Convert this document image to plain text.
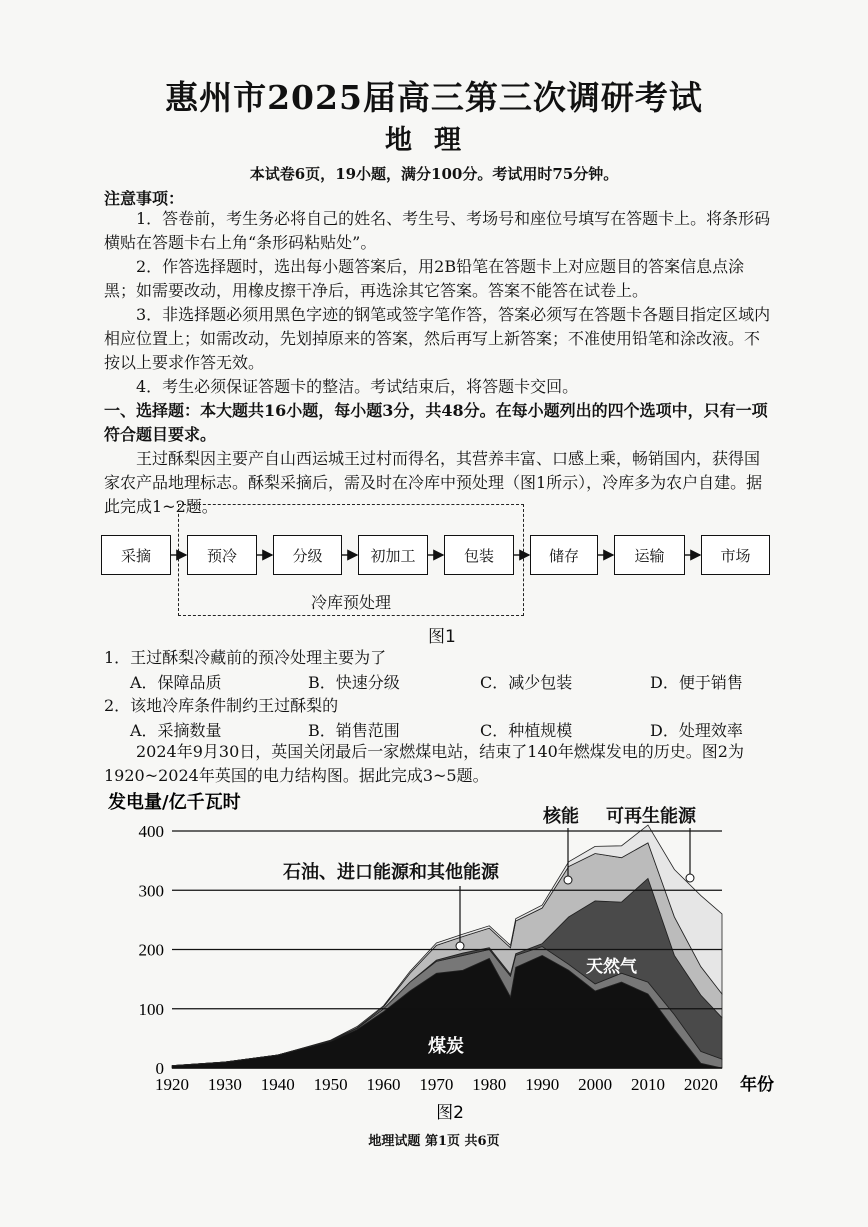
惠州市2025届高三第三次调研考试
地理
本试卷6页，19小题，满分100分。考试用时75分钟。
注意事项：
1．答卷前，考生务必将自己的姓名、考生号、考场号和座位号填写在答题卡上。将条形码横贴在答题卡右上角“条形码粘贴处”。
2．作答选择题时，选出每小题答案后，用2B铅笔在答题卡上对应题目的答案信息点涂黑；如需要改动，用橡皮擦干净后，再选涂其它答案。答案不能答在试卷上。
3．非选择题必须用黑色字迹的钢笔或签字笔作答，答案必须写在答题卡各题目指定区域内相应位置上；如需改动，先划掉原来的答案，然后再写上新答案；不准使用铅笔和涂改液。不按以上要求作答无效。
4．考生必须保证答题卡的整洁。考试结束后，将答题卡交回。
一、选择题：本大题共16小题，每小题3分，共48分。在每小题列出的四个选项中，只有一项符合题目要求。
王过酥梨因主要产自山西运城王过村而得名，其营养丰富、口感上乘，畅销国内，获得国家农产品地理标志。酥梨采摘后，需及时在冷库中预处理（图1所示），冷库多为农户自建。据此完成1~2题。
采摘	预冷	分级	初加工	包装	储存	运输	市场
冷库预处理
图1
1．王过酥梨冷藏前的预冷处理主要为了
A．保障品质	B．快速分级	C．减少包装	D．便于销售
2．该地冷库条件制约王过酥梨的
A．采摘数量	B．销售范围	C．种植规模	D．处理效率
2024年9月30日，英国关闭最后一家燃煤电站，结束了140年燃煤发电的历史。图2为1920~2024年英国的电力结构图。据此完成3~5题。
0
100
200
300
400
1920 1930 1940 1950 1960 1970 1980 1990 2000 2010 2020
发电量/亿千瓦时
年份
石油、进口能源和其他能源
核能 可再生能源
天然气
煤炭
图2
地理试题 第1页 共6页
